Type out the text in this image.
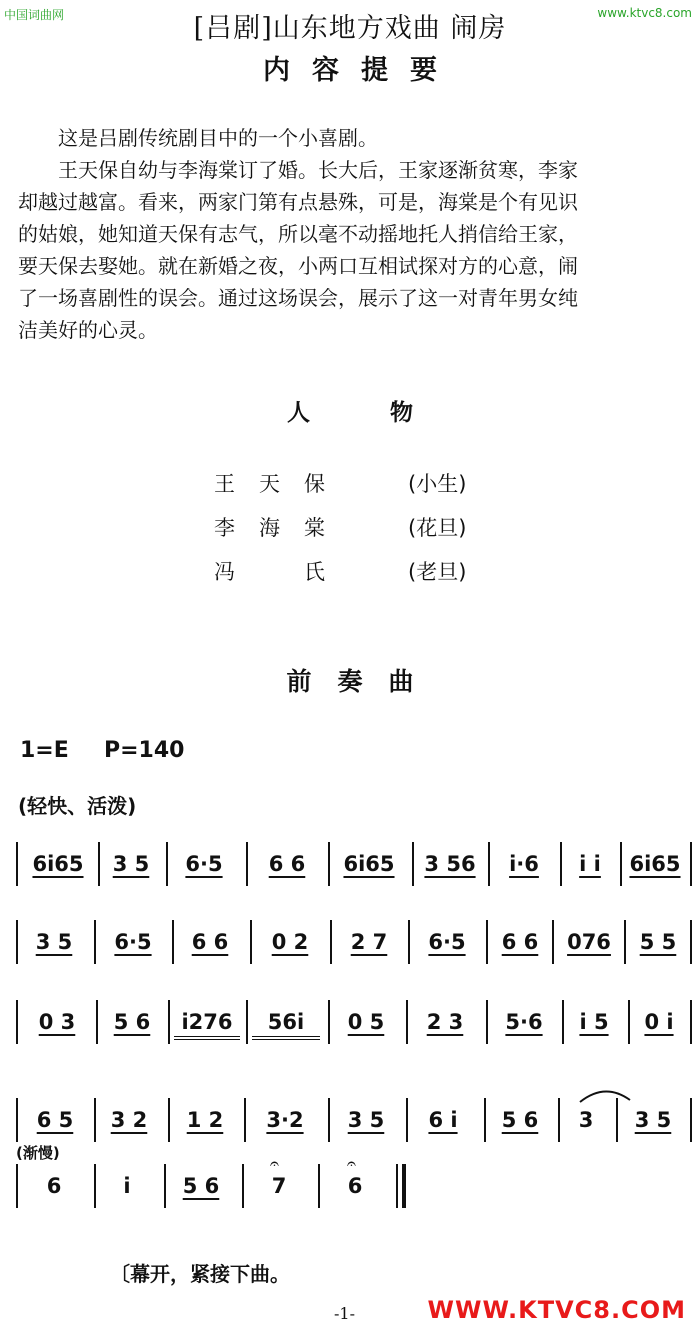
中国词曲网	www.ktvc8.com
[吕剧]山东地方戏曲 闹房
内容提要
这是吕剧传统剧目中的一个小喜剧。
王天保自幼与李海棠订了婚。长大后，王家逐渐贫寒，李家
却越过越富。看来，两家门第有点悬殊，可是，海棠是个有见识
的姑娘，她知道天保有志气，所以毫不动摇地托人捎信给王家，
要天保去娶她。就在新婚之夜，小两口互相试探对方的心意，闹
了一场喜剧性的误会。通过这场误会，展示了这一对青年男女纯
洁美好的心灵。
人	物
王天保	(小生)
李海棠	(花旦)
冯　氏	(老旦)
前奏曲
1=E P=140
(轻快、活泼)
6i65	3 5	6·5	6 6	6i65	3 56	i·6	i i	6i65
3 5	6·5	6 6	0 2	2 7	6·5	6 6	076	5 5
0 3	5 6	i276	56i	0 5	2 3	5·6	i 5	0 i
6 5	3 2	1 2	3·2	3 5	6 i	5 6	3	3 5
(渐慢)
6	i	5 6	7
𝄐
6
𝄐
〔幕开，紧接下曲。
-1-	WWW.KTVC8.COM
